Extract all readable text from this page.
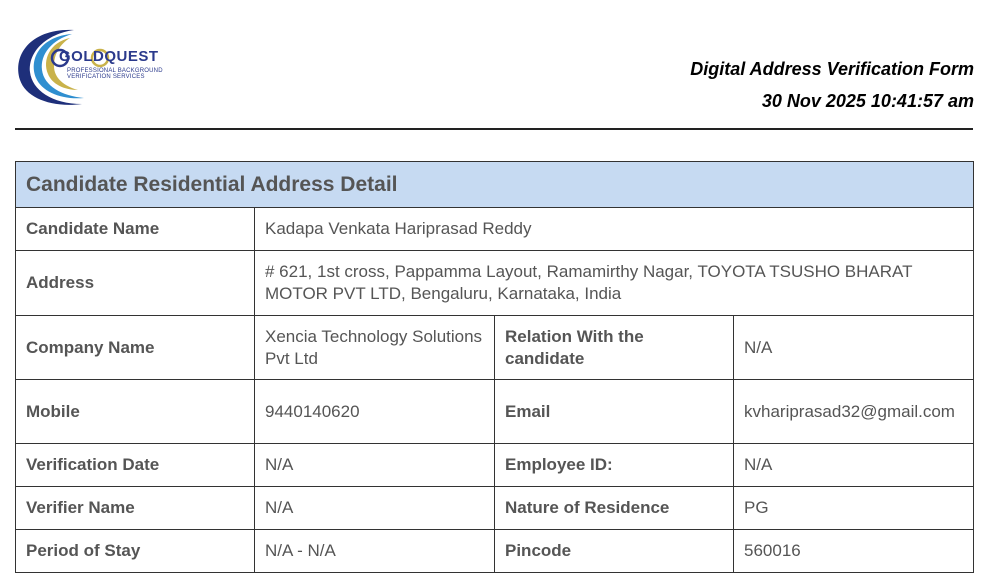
GOLDQUEST
PROFESSIONAL BACKGROUND
VERIFICATION SERVICES	Digital Address Verification Form
30 Nov 2025 10:41:57 am
Candidate Residential Address Detail			
Candidate Name	Kadapa Venkata Hariprasad Reddy		
Address	# 621, 1st cross, Pappamma Layout, Ramamirthy Nagar, TOYOTA TSUSHO BHARAT MOTOR PVT LTD, Bengaluru, Karnataka, India		
Company Name	Xencia Technology Solutions Pvt Ltd	Relation With the candidate	N/A
Mobile	9440140620	Email	kvhariprasad32@gmail.com
Verification Date	N/A	Employee ID:	N/A
Verifier Name	N/A	Nature of Residence	PG
Period of Stay	N/A - N/A	Pincode	560016
